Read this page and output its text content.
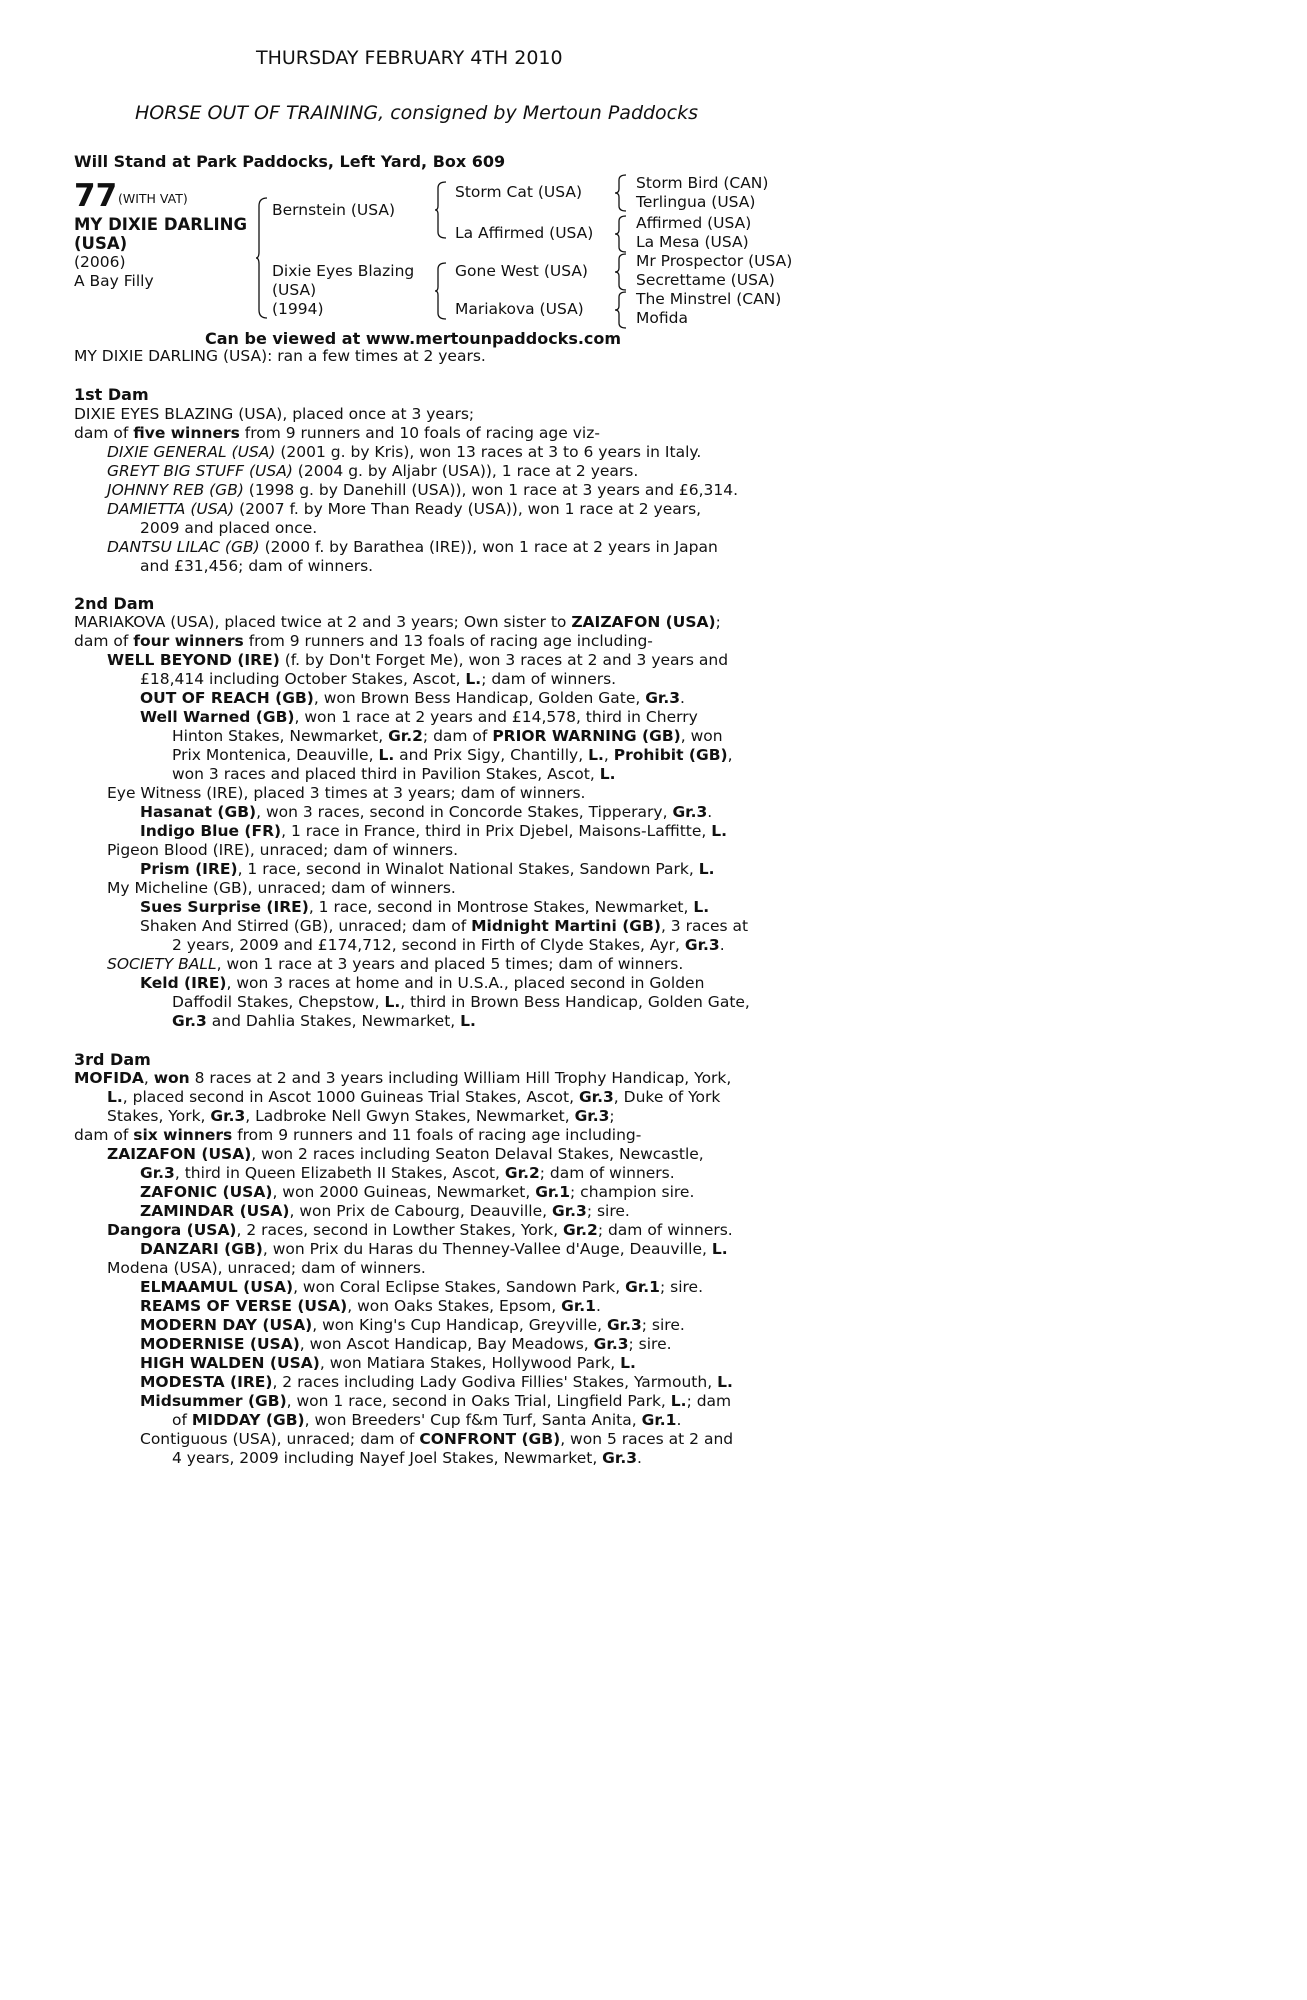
THURSDAY FEBRUARY 4TH 2010
HORSE OUT OF TRAINING, consigned by Mertoun Paddocks
Will Stand at Park Paddocks, Left Yard, Box 609
77 (WITH VAT)
MY DIXIE DARLING
(USA)
(2006)
A Bay Filly
Bernstein (USA)
Dixie Eyes Blazing
(USA)
(1994)
Storm Cat (USA)
La Affirmed (USA)
Gone West (USA)
Mariakova (USA)
Storm Bird (CAN)
Terlingua (USA)
Affirmed (USA)
La Mesa (USA)
Mr Prospector (USA)
Secrettame (USA)
The Minstrel (CAN)
Mofida
Can be viewed at www.mertounpaddocks.com
MY DIXIE DARLING (USA): ran a few times at 2 years.
1st Dam
DIXIE EYES BLAZING (USA), placed once at 3 years;
dam of five winners from 9 runners and 10 foals of racing age viz-
DIXIE GENERAL (USA) (2001 g. by Kris), won 13 races at 3 to 6 years in Italy.
GREYT BIG STUFF (USA) (2004 g. by Aljabr (USA)), 1 race at 2 years.
JOHNNY REB (GB) (1998 g. by Danehill (USA)), won 1 race at 3 years and £6,314.
DAMIETTA (USA) (2007 f. by More Than Ready (USA)), won 1 race at 2 years,
2009 and placed once.
DANTSU LILAC (GB) (2000 f. by Barathea (IRE)), won 1 race at 2 years in Japan
and £31,456; dam of winners.
2nd Dam
MARIAKOVA (USA), placed twice at 2 and 3 years; Own sister to ZAIZAFON (USA);
dam of four winners from 9 runners and 13 foals of racing age including-
WELL BEYOND (IRE) (f. by Don't Forget Me), won 3 races at 2 and 3 years and
£18,414 including October Stakes, Ascot, L.; dam of winners.
OUT OF REACH (GB), won Brown Bess Handicap, Golden Gate, Gr.3.
Well Warned (GB), won 1 race at 2 years and £14,578, third in Cherry
Hinton Stakes, Newmarket, Gr.2; dam of PRIOR WARNING (GB), won
Prix Montenica, Deauville, L. and Prix Sigy, Chantilly, L., Prohibit (GB),
won 3 races and placed third in Pavilion Stakes, Ascot, L.
Eye Witness (IRE), placed 3 times at 3 years; dam of winners.
Hasanat (GB), won 3 races, second in Concorde Stakes, Tipperary, Gr.3.
Indigo Blue (FR), 1 race in France, third in Prix Djebel, Maisons-Laffitte, L.
Pigeon Blood (IRE), unraced; dam of winners.
Prism (IRE), 1 race, second in Winalot National Stakes, Sandown Park, L.
My Micheline (GB), unraced; dam of winners.
Sues Surprise (IRE), 1 race, second in Montrose Stakes, Newmarket, L.
Shaken And Stirred (GB), unraced; dam of Midnight Martini (GB), 3 races at
2 years, 2009 and £174,712, second in Firth of Clyde Stakes, Ayr, Gr.3.
SOCIETY BALL, won 1 race at 3 years and placed 5 times; dam of winners.
Keld (IRE), won 3 races at home and in U.S.A., placed second in Golden
Daffodil Stakes, Chepstow, L., third in Brown Bess Handicap, Golden Gate,
Gr.3 and Dahlia Stakes, Newmarket, L.
3rd Dam
MOFIDA, won 8 races at 2 and 3 years including William Hill Trophy Handicap, York,
L., placed second in Ascot 1000 Guineas Trial Stakes, Ascot, Gr.3, Duke of York
Stakes, York, Gr.3, Ladbroke Nell Gwyn Stakes, Newmarket, Gr.3;
dam of six winners from 9 runners and 11 foals of racing age including-
ZAIZAFON (USA), won 2 races including Seaton Delaval Stakes, Newcastle,
Gr.3, third in Queen Elizabeth II Stakes, Ascot, Gr.2; dam of winners.
ZAFONIC (USA), won 2000 Guineas, Newmarket, Gr.1; champion sire.
ZAMINDAR (USA), won Prix de Cabourg, Deauville, Gr.3; sire.
Dangora (USA), 2 races, second in Lowther Stakes, York, Gr.2; dam of winners.
DANZARI (GB), won Prix du Haras du Thenney-Vallee d'Auge, Deauville, L.
Modena (USA), unraced; dam of winners.
ELMAAMUL (USA), won Coral Eclipse Stakes, Sandown Park, Gr.1; sire.
REAMS OF VERSE (USA), won Oaks Stakes, Epsom, Gr.1.
MODERN DAY (USA), won King's Cup Handicap, Greyville, Gr.3; sire.
MODERNISE (USA), won Ascot Handicap, Bay Meadows, Gr.3; sire.
HIGH WALDEN (USA), won Matiara Stakes, Hollywood Park, L.
MODESTA (IRE), 2 races including Lady Godiva Fillies' Stakes, Yarmouth, L.
Midsummer (GB), won 1 race, second in Oaks Trial, Lingfield Park, L.; dam
of MIDDAY (GB), won Breeders' Cup f&m Turf, Santa Anita, Gr.1.
Contiguous (USA), unraced; dam of CONFRONT (GB), won 5 races at 2 and
4 years, 2009 including Nayef Joel Stakes, Newmarket, Gr.3.
